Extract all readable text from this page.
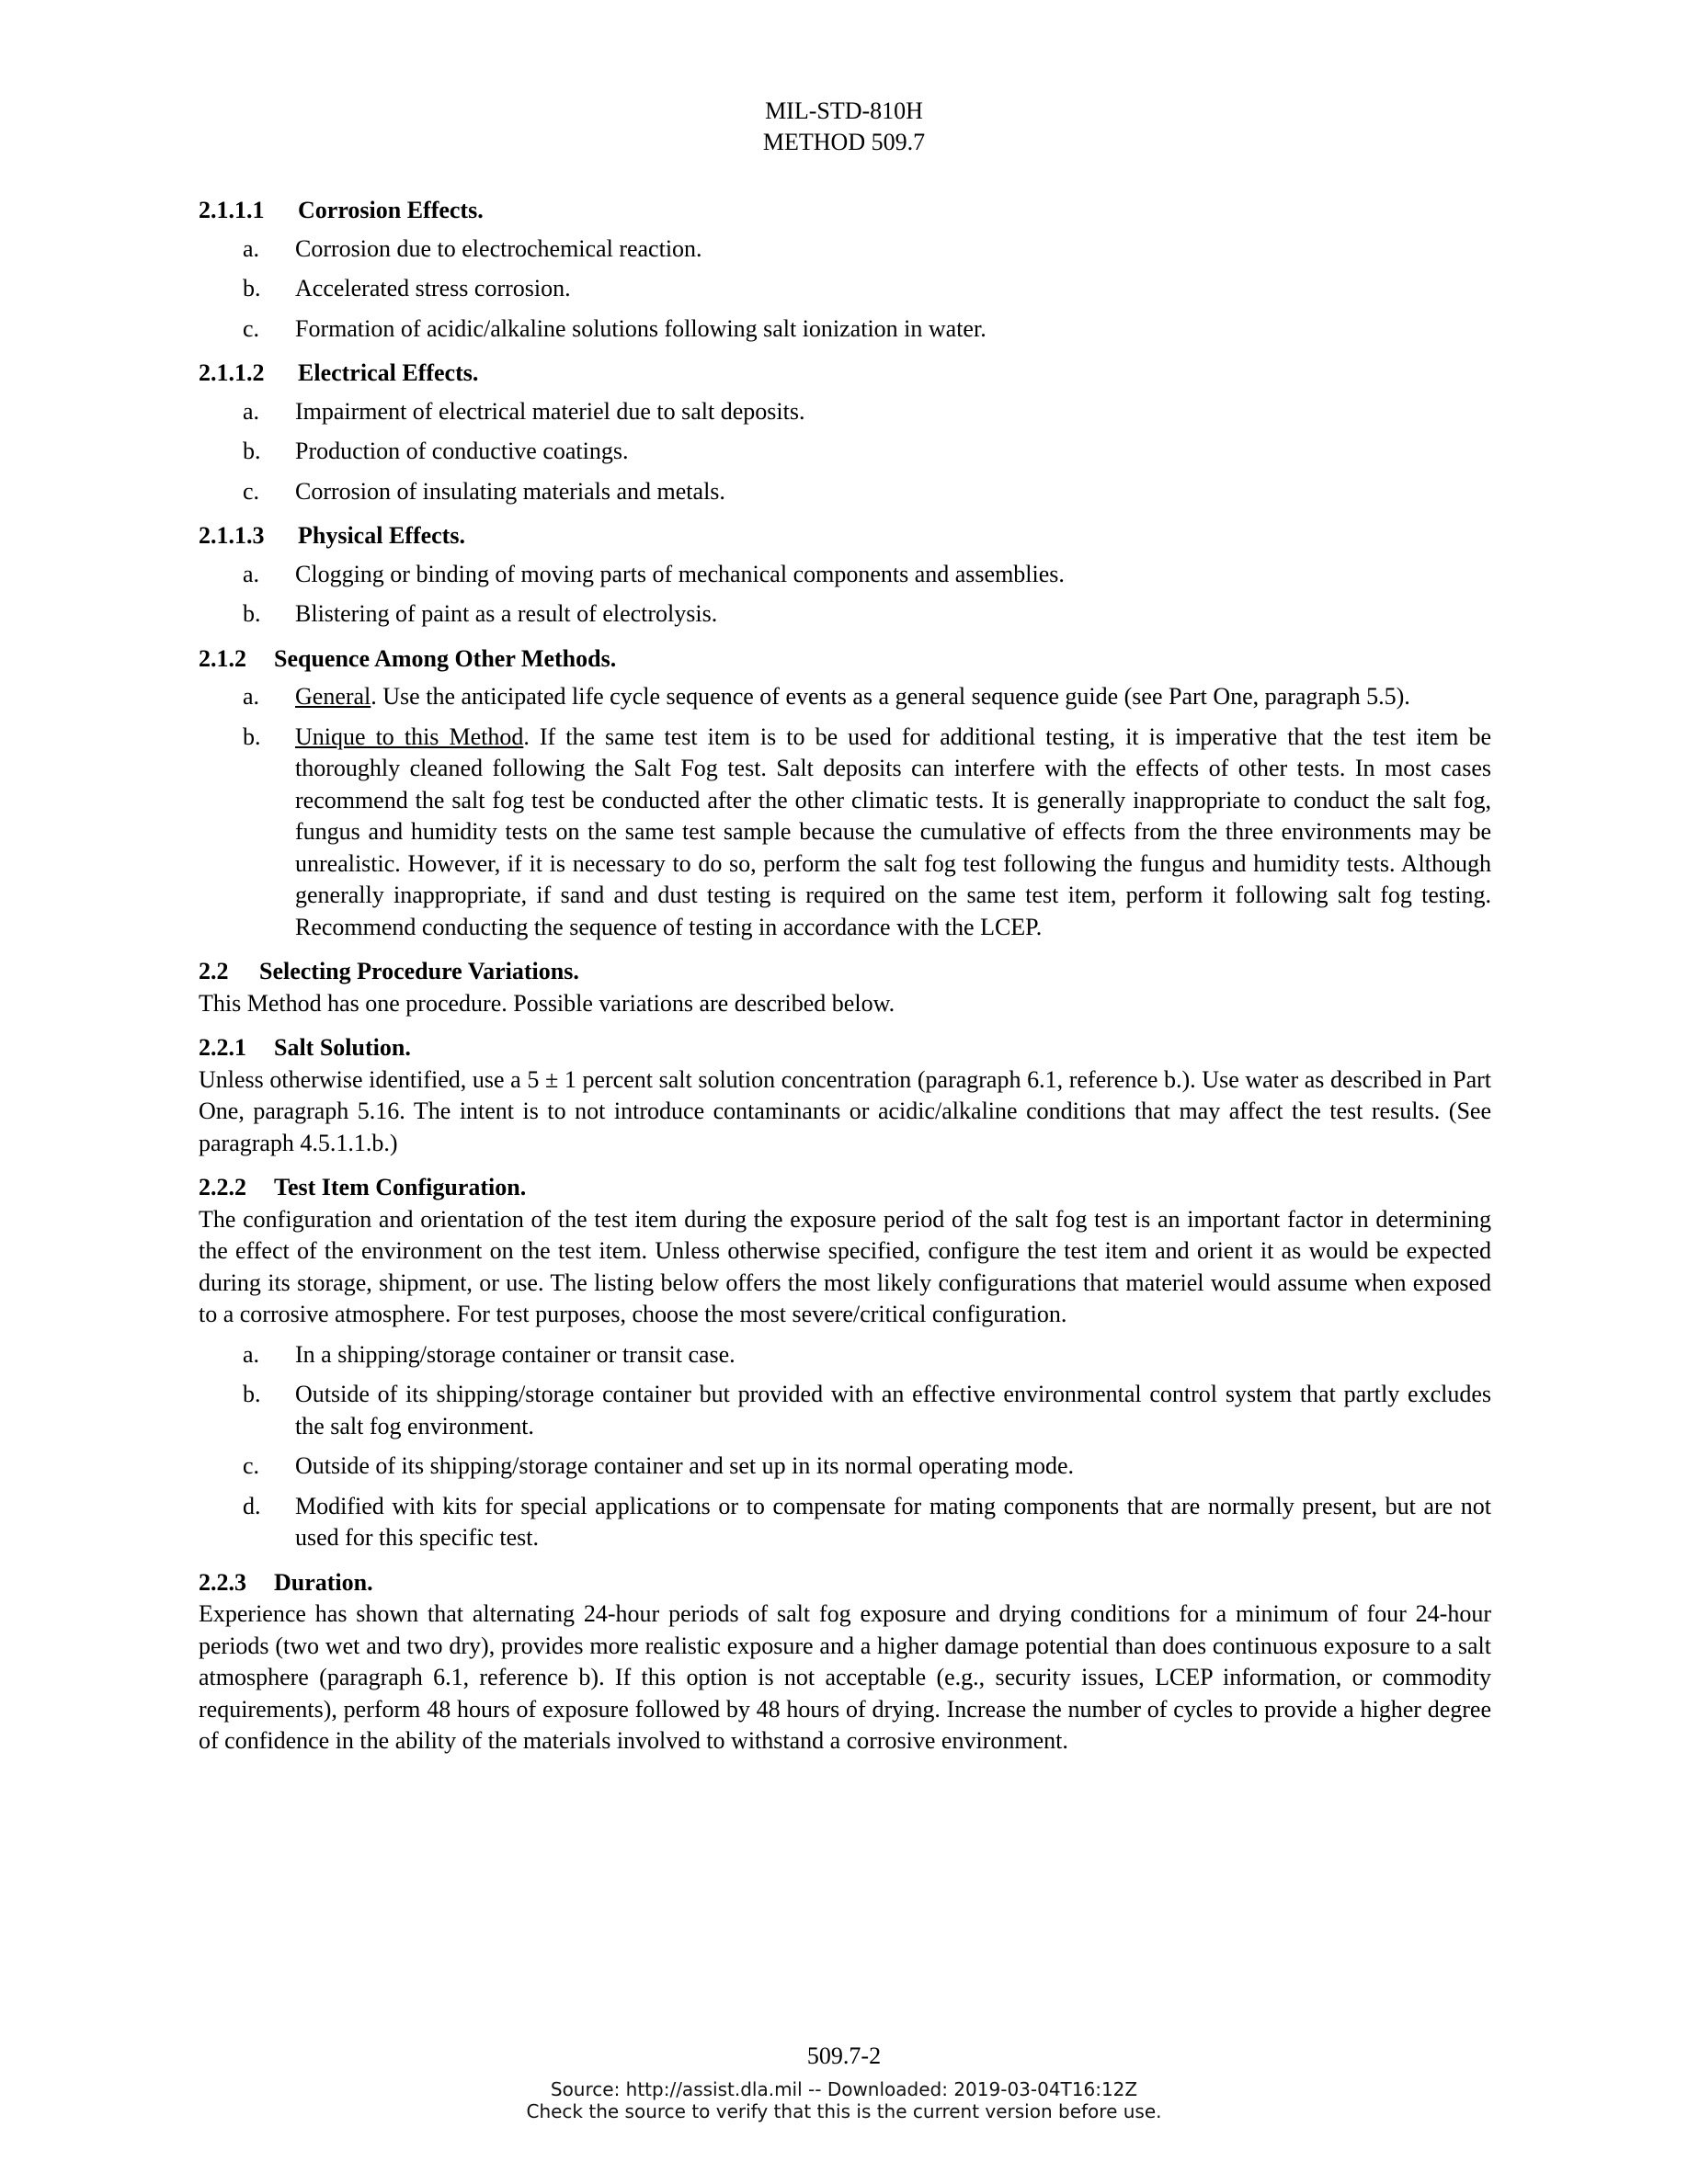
MIL-STD-810H
METHOD 509.7
2.1.1.1 Corrosion Effects.
a.	Corrosion due to electrochemical reaction.
b.	Accelerated stress corrosion.
c.	Formation of acidic/alkaline solutions following salt ionization in water.
2.1.1.2 Electrical Effects.
a.	Impairment of electrical materiel due to salt deposits.
b.	Production of conductive coatings.
c.	Corrosion of insulating materials and metals.
2.1.1.3 Physical Effects.
a.	Clogging or binding of moving parts of mechanical components and assemblies.
b.	Blistering of paint as a result of electrolysis.
2.1.2 Sequence Among Other Methods.
a.	General. Use the anticipated life cycle sequence of events as a general sequence guide (see Part One, paragraph 5.5).
b.	Unique to this Method. If the same test item is to be used for additional testing, it is imperative that the test item be thoroughly cleaned following the Salt Fog test. Salt deposits can interfere with the effects of other tests. In most cases recommend the salt fog test be conducted after the other climatic tests. It is generally inappropriate to conduct the salt fog, fungus and humidity tests on the same test sample because the cumulative of effects from the three environments may be unrealistic. However, if it is necessary to do so, perform the salt fog test following the fungus and humidity tests. Although generally inappropriate, if sand and dust testing is required on the same test item, perform it following salt fog testing. Recommend conducting the sequence of testing in accordance with the LCEP.
2.2 Selecting Procedure Variations.
This Method has one procedure. Possible variations are described below.
2.2.1 Salt Solution.
Unless otherwise identified, use a 5 ± 1 percent salt solution concentration (paragraph 6.1, reference b.). Use water as described in Part One, paragraph 5.16. The intent is to not introduce contaminants or acidic/alkaline conditions that may affect the test results. (See paragraph 4.5.1.1.b.)
2.2.2 Test Item Configuration.
The configuration and orientation of the test item during the exposure period of the salt fog test is an important factor in determining the effect of the environment on the test item. Unless otherwise specified, configure the test item and orient it as would be expected during its storage, shipment, or use. The listing below offers the most likely configurations that materiel would assume when exposed to a corrosive atmosphere. For test purposes, choose the most severe/critical configuration.
a.	In a shipping/storage container or transit case.
b.	Outside of its shipping/storage container but provided with an effective environmental control system that partly excludes the salt fog environment.
c.	Outside of its shipping/storage container and set up in its normal operating mode.
d.	Modified with kits for special applications or to compensate for mating components that are normally present, but are not used for this specific test.
2.2.3 Duration.
Experience has shown that alternating 24-hour periods of salt fog exposure and drying conditions for a minimum of four 24-hour periods (two wet and two dry), provides more realistic exposure and a higher damage potential than does continuous exposure to a salt atmosphere (paragraph 6.1, reference b). If this option is not acceptable (e.g., security issues, LCEP information, or commodity requirements), perform 48 hours of exposure followed by 48 hours of drying. Increase the number of cycles to provide a higher degree of confidence in the ability of the materials involved to withstand a corrosive environment.
509.7-2
Source: http://assist.dla.mil -- Downloaded: 2019-03-04T16:12Z
Check the source to verify that this is the current version before use.
